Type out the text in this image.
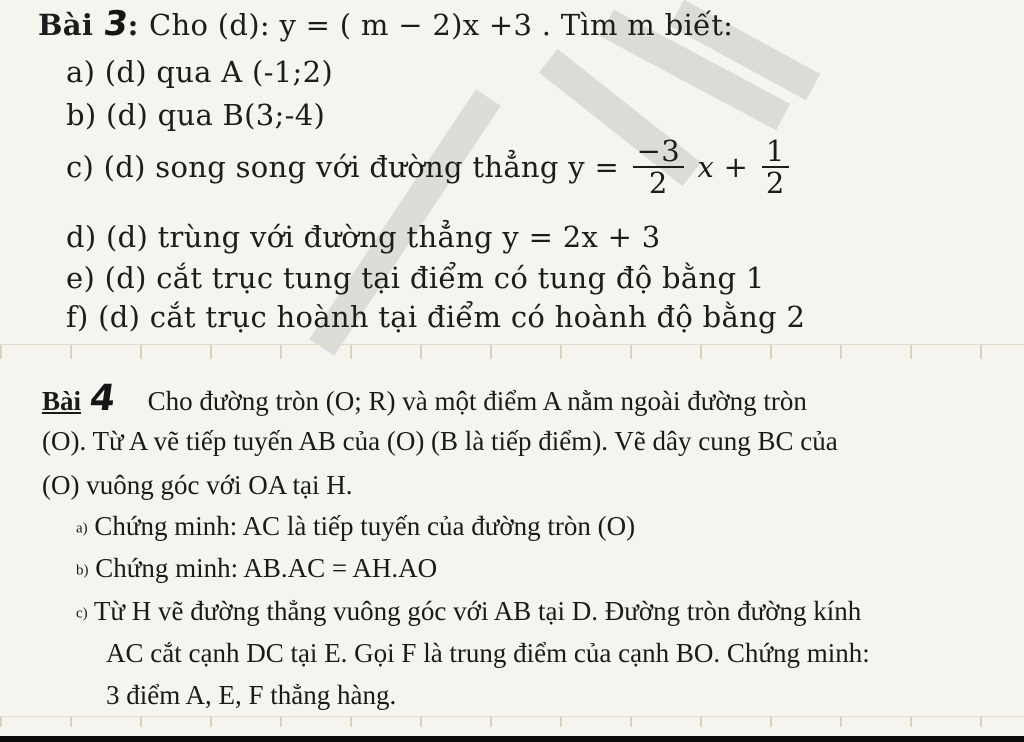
Bài 3: Cho (d): y = ( m − 2)x +3 . Tìm m biết:
a) (d) qua A (-1;2)
b) (d) qua B(3;-4)
c) (d) song song với đường thẳng $y = \frac{-3}{2}$ $x + \frac{1}{2}$
d) (d) trùng với đường thẳng y = 2x + 3
e) (d) cắt trục tung tại điểm có tung độ bằng 1
f) (d) cắt trục hoành tại điểm có hoành độ bằng 2
Bài 4 Cho đường tròn (O; R) và một điểm A nằm ngoài đường tròn
(O). Từ A vẽ tiếp tuyến AB của (O) (B là tiếp điểm). Vẽ dây cung BC của
(O) vuông góc với OA tại H.
a) Chứng minh: AC là tiếp tuyến của đường tròn (O)
b) Chứng minh: AB.AC = AH.AO
c) Từ H vẽ đường thẳng vuông góc với AB tại D. Đường tròn đường kính
AC cắt cạnh DC tại E. Gọi F là trung điểm của cạnh BO. Chứng minh:
3 điểm A, E, F thẳng hàng.
